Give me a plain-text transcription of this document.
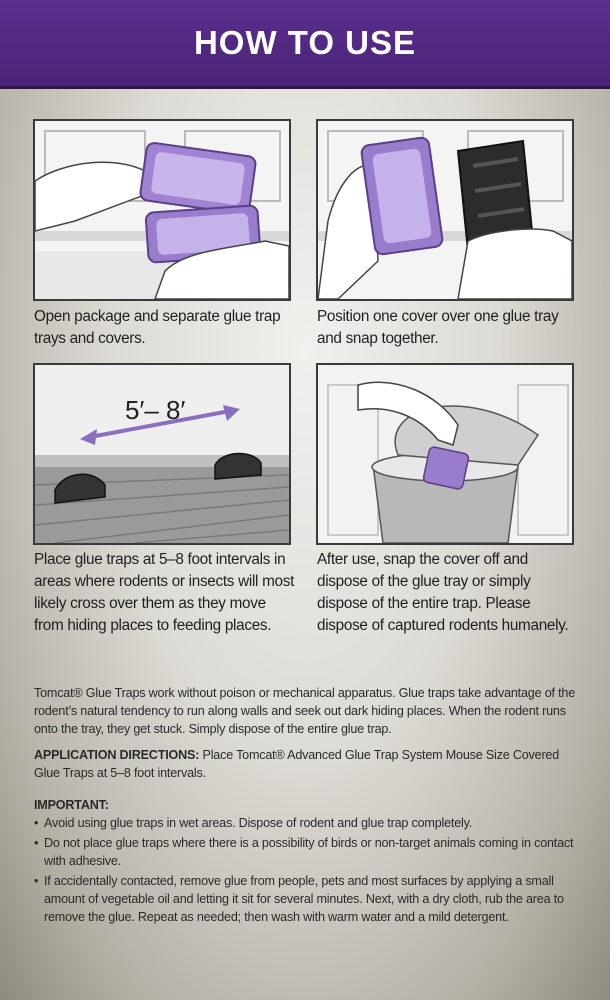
HOW TO USE
Open package and separate glue trap trays and covers.
Position one cover over one glue tray and snap together.
5′– 8′
Place glue traps at 5–8 foot intervals in areas where rodents or insects will most likely cross over them as they move from hiding places to feeding places.
After use, snap the cover off and dispose of the glue tray or simply dispose of the entire trap. Please dispose of captured rodents humanely.
Tomcat® Glue Traps work without poison or mechanical apparatus. Glue traps take advantage of the rodent’s natural tendency to run along walls and seek out dark hiding places. When the rodent runs onto the tray, they get stuck. Simply dispose of the entire glue trap.
APPLICATION DIRECTIONS: Place Tomcat® Advanced Glue Trap System Mouse Size Covered Glue Traps at 5–8 foot intervals.
IMPORTANT:
• Avoid using glue traps in wet areas. Dispose of rodent and glue trap completely.
• Do not place glue traps where there is a possibility of birds or non-target animals coming in contact with adhesive.
• If accidentally contacted, remove glue from people, pets and most surfaces by applying a small amount of vegetable oil and letting it sit for several minutes. Next, with a dry cloth, rub the area to remove the glue. Repeat as needed; then wash with warm water and a mild detergent.
